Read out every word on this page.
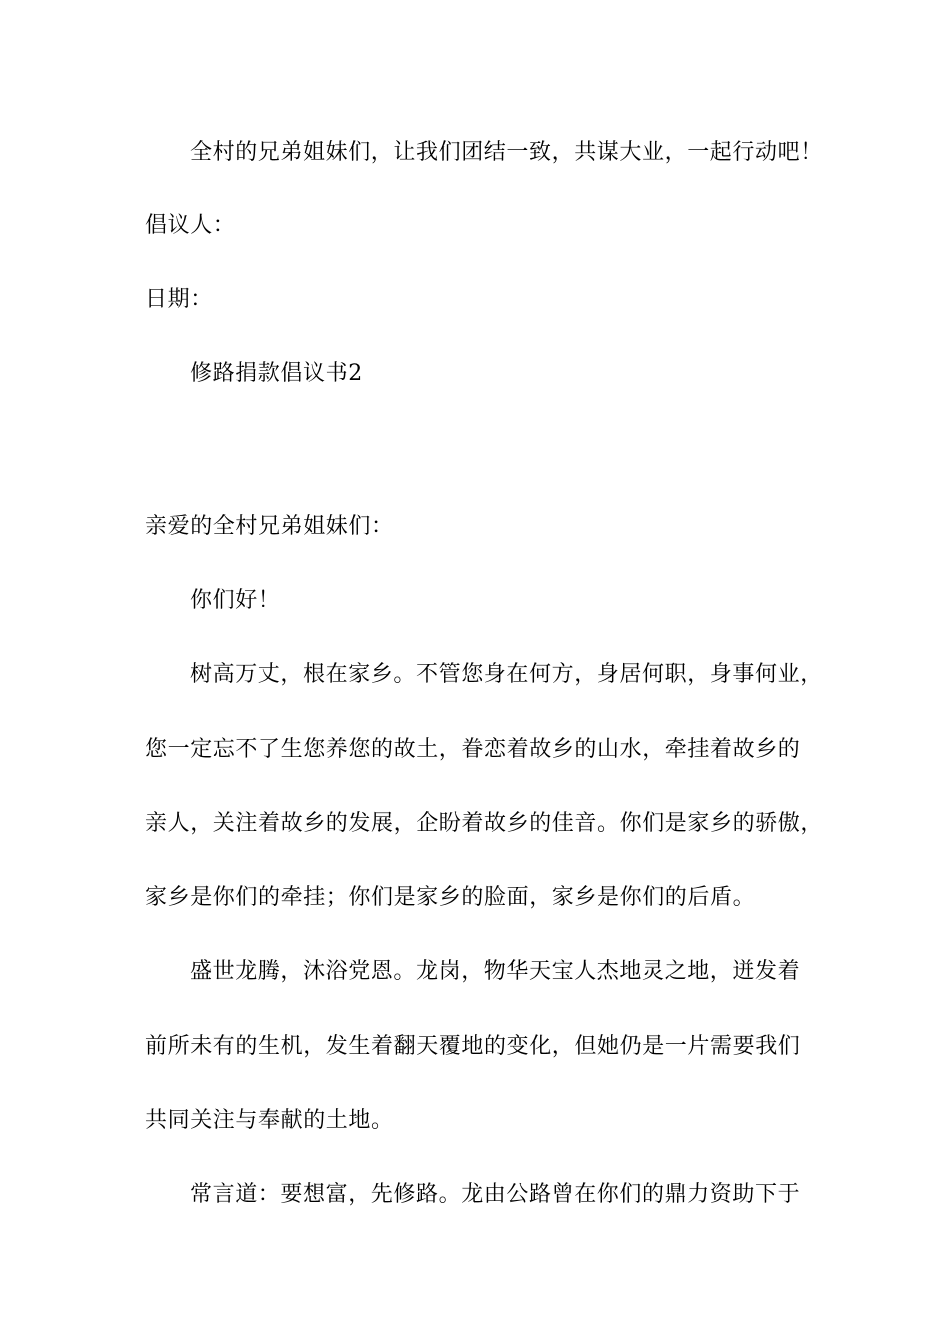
全村的兄弟姐妹们，让我们团结一致，共谋大业，一起行动吧！

倡议人：

日期：

修路捐款倡议书2

亲爱的全村兄弟姐妹们：

你们好！

树高万丈，根在家乡。不管您身在何方，身居何职，身事何业，

您一定忘不了生您养您的故土，眷恋着故乡的山水，牵挂着故乡的

亲人，关注着故乡的发展，企盼着故乡的佳音。你们是家乡的骄傲，

家乡是你们的牵挂；你们是家乡的脸面，家乡是你们的后盾。

盛世龙腾，沐浴党恩。龙岗，物华天宝人杰地灵之地，迸发着

前所未有的生机，发生着翻天覆地的变化，但她仍是一片需要我们

共同关注与奉献的土地。

常言道：要想富，先修路。龙由公路曾在你们的鼎力资助下于
